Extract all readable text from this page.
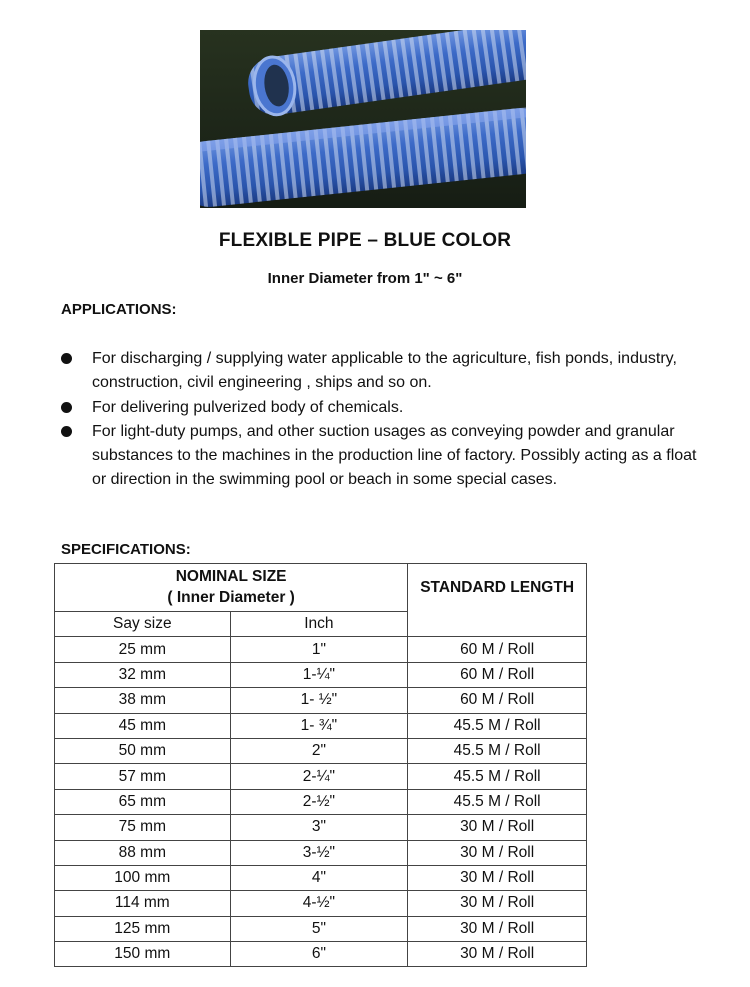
FLEXIBLE PIPE – BLUE COLOR
Inner Diameter from 1" ~ 6"
APPLICATIONS:
For discharging / supplying water applicable to the agriculture, fish ponds, industry, construction, civil engineering , ships and so on.
For delivering pulverized body of chemicals.
For light-duty pumps, and other suction usages as conveying powder and granular substances to the machines in the production line of factory. Possibly acting as a float or direction in the swimming pool or beach in some special cases.
SPECIFICATIONS:
NOMINAL SIZE		STANDARD LENGTH
( Inner Diameter )		
Say size	Inch	
25 mm	1"	60 M / Roll
32 mm	1-¼"	60 M / Roll
38 mm	1- ½"	60 M / Roll
45 mm	1- ¾"	45.5 M / Roll
50 mm	2"	45.5 M / Roll
57 mm	2-¼"	45.5 M / Roll
65 mm	2-½"	45.5 M / Roll
75 mm	3"	30 M / Roll
88 mm	3-½"	30 M / Roll
100 mm	4"	30 M / Roll
114 mm	4-½"	30 M / Roll
125 mm	5"	30 M / Roll
150 mm	6"	30 M / Roll
